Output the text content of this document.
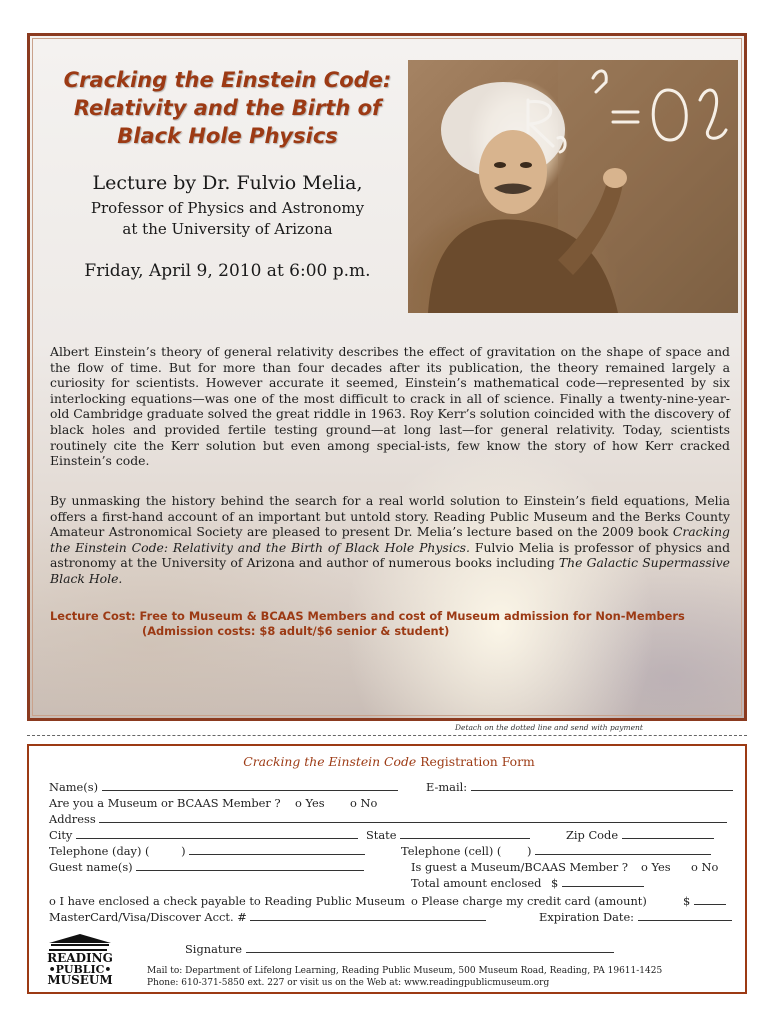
Cracking the Einstein Code:
Relativity and the Birth of
Black Hole Physics
Lecture by Dr. Fulvio Melia,
Professor of Physics and Astronomy
at the University of Arizona
Friday, April 9, 2010 at 6:00 p.m.
Albert Einstein’s theory of general relativity describes the effect of gravitation on the shape of space and the flow of time. But for more than four decades after its publication, the theory remained largely a curiosity for scientists. However accurate it seemed, Einstein’s mathematical code—represented by six interlocking equations—was one of the most difficult to crack in all of science. Finally a twenty-nine-year-old Cambridge graduate solved the great riddle in 1963. Roy Kerr’s solution coincided with the discovery of black holes and provided fertile testing ground—at long last—for general relativity. Today, scientists routinely cite the Kerr solution but even among special-ists, few know the story of how Kerr cracked Einstein’s code.
By unmasking the history behind the search for a real world solution to Einstein’s field equations, Melia offers a first-hand account of an important but untold story. Reading Public Museum and the Berks County Amateur Astronomical Society are pleased to present Dr. Melia’s lecture based on the 2009 book Cracking the Einstein Code: Relativity and the Birth of Black Hole Physics. Fulvio Melia is professor of physics and astronomy at the University of Arizona and author of numerous books including The Galactic Supermassive Black Hole.
Lecture Cost: Free to Museum & BCAAS Members and cost of Museum admission for Non-Members
(Admission costs: $8 adult/$6 senior & student)
Detach on the dotted line and send with payment
Cracking the Einstein Code Registration Form
Name(s)	E-mail:
Are you a Museum or BCAAS Member ? o Yes o No
Address
City	State	Zip Code
Telephone (day) (	)	Telephone (cell) ( )
Guest name(s)	Is guest a Museum/BCAAS Member ? o Yes o No
Total amount enclosed $
o I have enclosed a check payable to Reading Public Museum o Please charge my credit card (amount)	$
MasterCard/Visa/Discover Acct. #	Expiration Date:
READING
•PUBLIC•
MUSEUM
Signature
Mail to: Department of Lifelong Learning, Reading Public Museum, 500 Museum Road, Reading, PA 19611-1425
Phone: 610-371-5850 ext. 227 or visit us on the Web at: www.readingpublicmuseum.org
